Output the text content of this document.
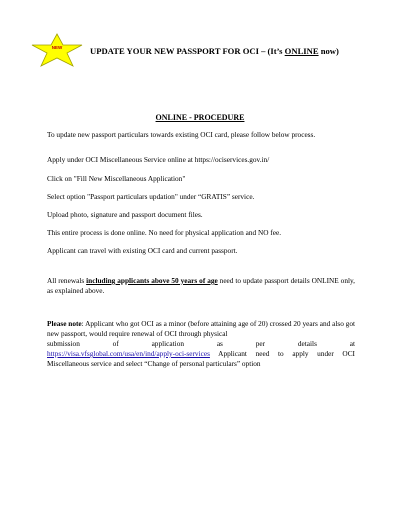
NEW	UPDATE YOUR NEW PASSPORT FOR OCI – (It’s ONLINE now)
ONLINE - PROCEDURE
To update new passport particulars towards existing OCI card, please follow below process.
Apply under OCI Miscellaneous Service online at https://ociservices.gov.in/
Click on "Fill New Miscellaneous Application"
Select option "Passport particulars updation" under “GRATIS” service.
Upload photo, signature and passport document files.
This entire process is done online. No need for physical application and NO fee.
Applicant can travel with existing OCI card and current passport.
All renewals including applicants above 50 years of age need to update passport details ONLINE only, as explained above.
Please note: Applicant who got OCI as a minor (before attaining age of 20) crossed 20 years and also got new passport, would require renewal of OCI through physical
submission of application as per details at
https://visa.vfsglobal.com/usa/en/ind/apply-oci-services Applicant need to apply under OCI Miscellaneous service and select “Change of personal particulars” option
